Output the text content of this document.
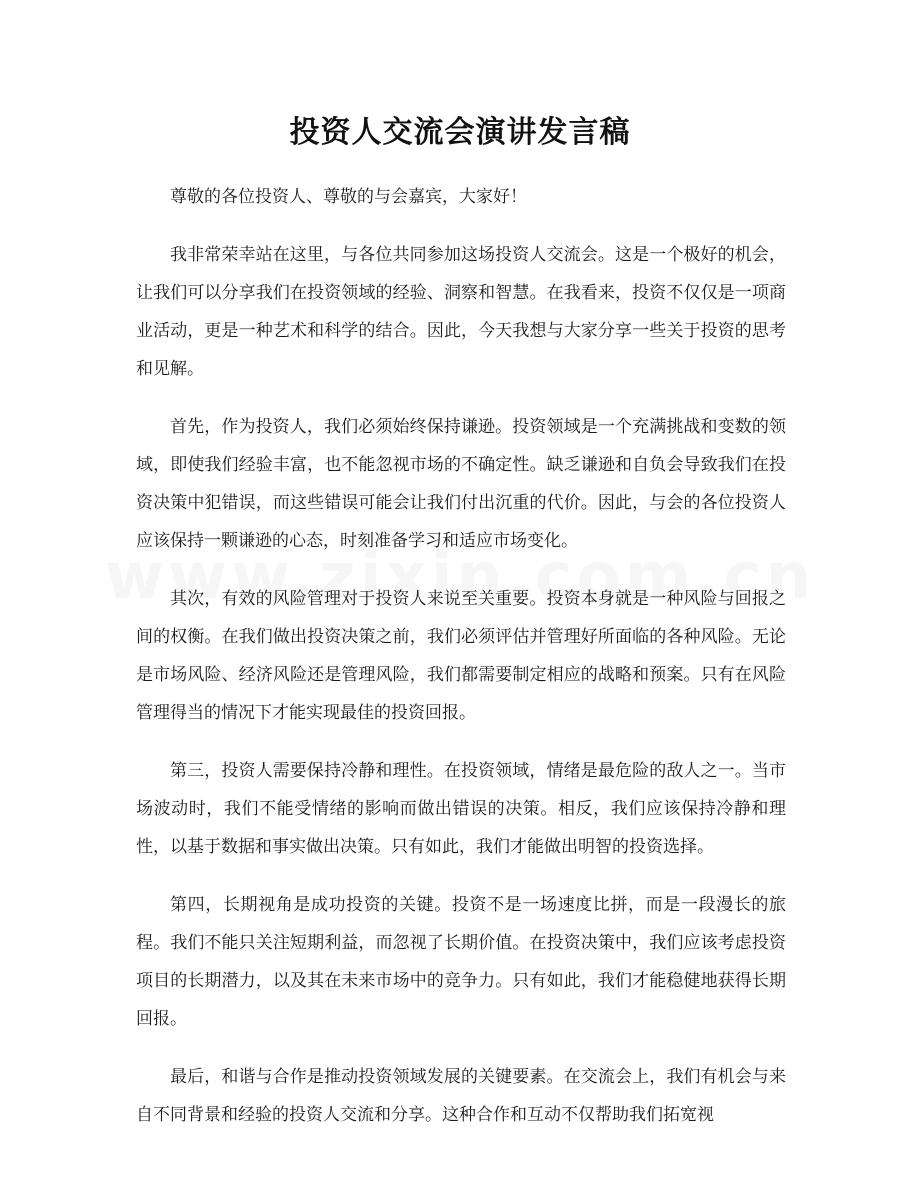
投资人交流会演讲发言稿

尊敬的各位投资人、尊敬的与会嘉宾，大家好！

我非常荣幸站在这里，与各位共同参加这场投资人交流会。这是一个极好的机会，让我们可以分享我们在投资领域的经验、洞察和智慧。在我看来，投资不仅仅是一项商业活动，更是一种艺术和科学的结合。因此，今天我想与大家分享一些关于投资的思考和见解。

首先，作为投资人，我们必须始终保持谦逊。投资领域是一个充满挑战和变数的领域，即使我们经验丰富，也不能忽视市场的不确定性。缺乏谦逊和自负会导致我们在投资决策中犯错误，而这些错误可能会让我们付出沉重的代价。因此，与会的各位投资人应该保持一颗谦逊的心态，时刻准备学习和适应市场变化。

其次，有效的风险管理对于投资人来说至关重要。投资本身就是一种风险与回报之间的权衡。在我们做出投资决策之前，我们必须评估并管理好所面临的各种风险。无论是市场风险、经济风险还是管理风险，我们都需要制定相应的战略和预案。只有在风险管理得当的情况下才能实现最佳的投资回报。

第三，投资人需要保持冷静和理性。在投资领域，情绪是最危险的敌人之一。当市场波动时，我们不能受情绪的影响而做出错误的决策。相反，我们应该保持冷静和理性，以基于数据和事实做出决策。只有如此，我们才能做出明智的投资选择。

第四，长期视角是成功投资的关键。投资不是一场速度比拼，而是一段漫长的旅程。我们不能只关注短期利益，而忽视了长期价值。在投资决策中，我们应该考虑投资项目的长期潜力，以及其在未来市场中的竞争力。只有如此，我们才能稳健地获得长期回报。

最后，和谐与合作是推动投资领域发展的关键要素。在交流会上，我们有机会与来自不同背景和经验的投资人交流和分享。这种合作和互动不仅帮助我们拓宽视
